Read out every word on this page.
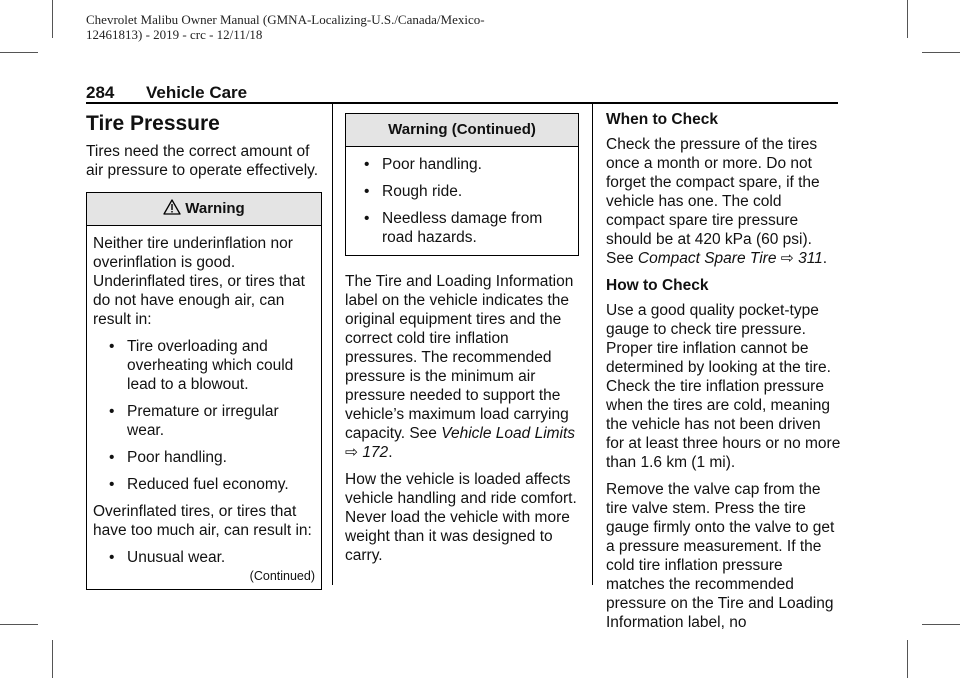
Chevrolet Malibu Owner Manual (GMNA-Localizing-U.S./Canada/Mexico-
12461813) - 2019 - crc - 12/11/18
284 Vehicle Care
Tire Pressure

Tires need the correct amount of air pressure to operate effectively.

Warning

Neither tire underinflation nor overinflation is good. Underinflated tires, or tires that do not have enough air, can result in:

• Tire overloading and overheating which could lead to a blowout.
• Premature or irregular wear.
• Poor handling.
• Reduced fuel economy.

Overinflated tires, or tires that have too much air, can result in:

• Unusual wear.
(Continued)
Warning (Continued)
• Poor handling.
• Rough ride.
• Needless damage from road hazards.

The Tire and Loading Information label on the vehicle indicates the original equipment tires and the correct cold tire inflation pressures. The recommended pressure is the minimum air pressure needed to support the vehicle’s maximum load carrying capacity. See Vehicle Load Limits ⇨ 172.

How the vehicle is loaded affects vehicle handling and ride comfort. Never load the vehicle with more weight than it was designed to carry.

When to Check

Check the pressure of the tires once a month or more. Do not forget the compact spare, if the vehicle has one. The cold compact spare tire pressure should be at 420 kPa (60 psi). See Compact Spare Tire ⇨ 311.

How to Check

Use a good quality pocket-type gauge to check tire pressure. Proper tire inflation cannot be determined by looking at the tire. Check the tire inflation pressure when the tires are cold, meaning the vehicle has not been driven for at least three hours or no more than 1.6 km (1 mi).

Remove the valve cap from the tire valve stem. Press the tire gauge firmly onto the valve to get a pressure measurement. If the cold tire inflation pressure matches the recommended pressure on the Tire and Loading Information label, no
